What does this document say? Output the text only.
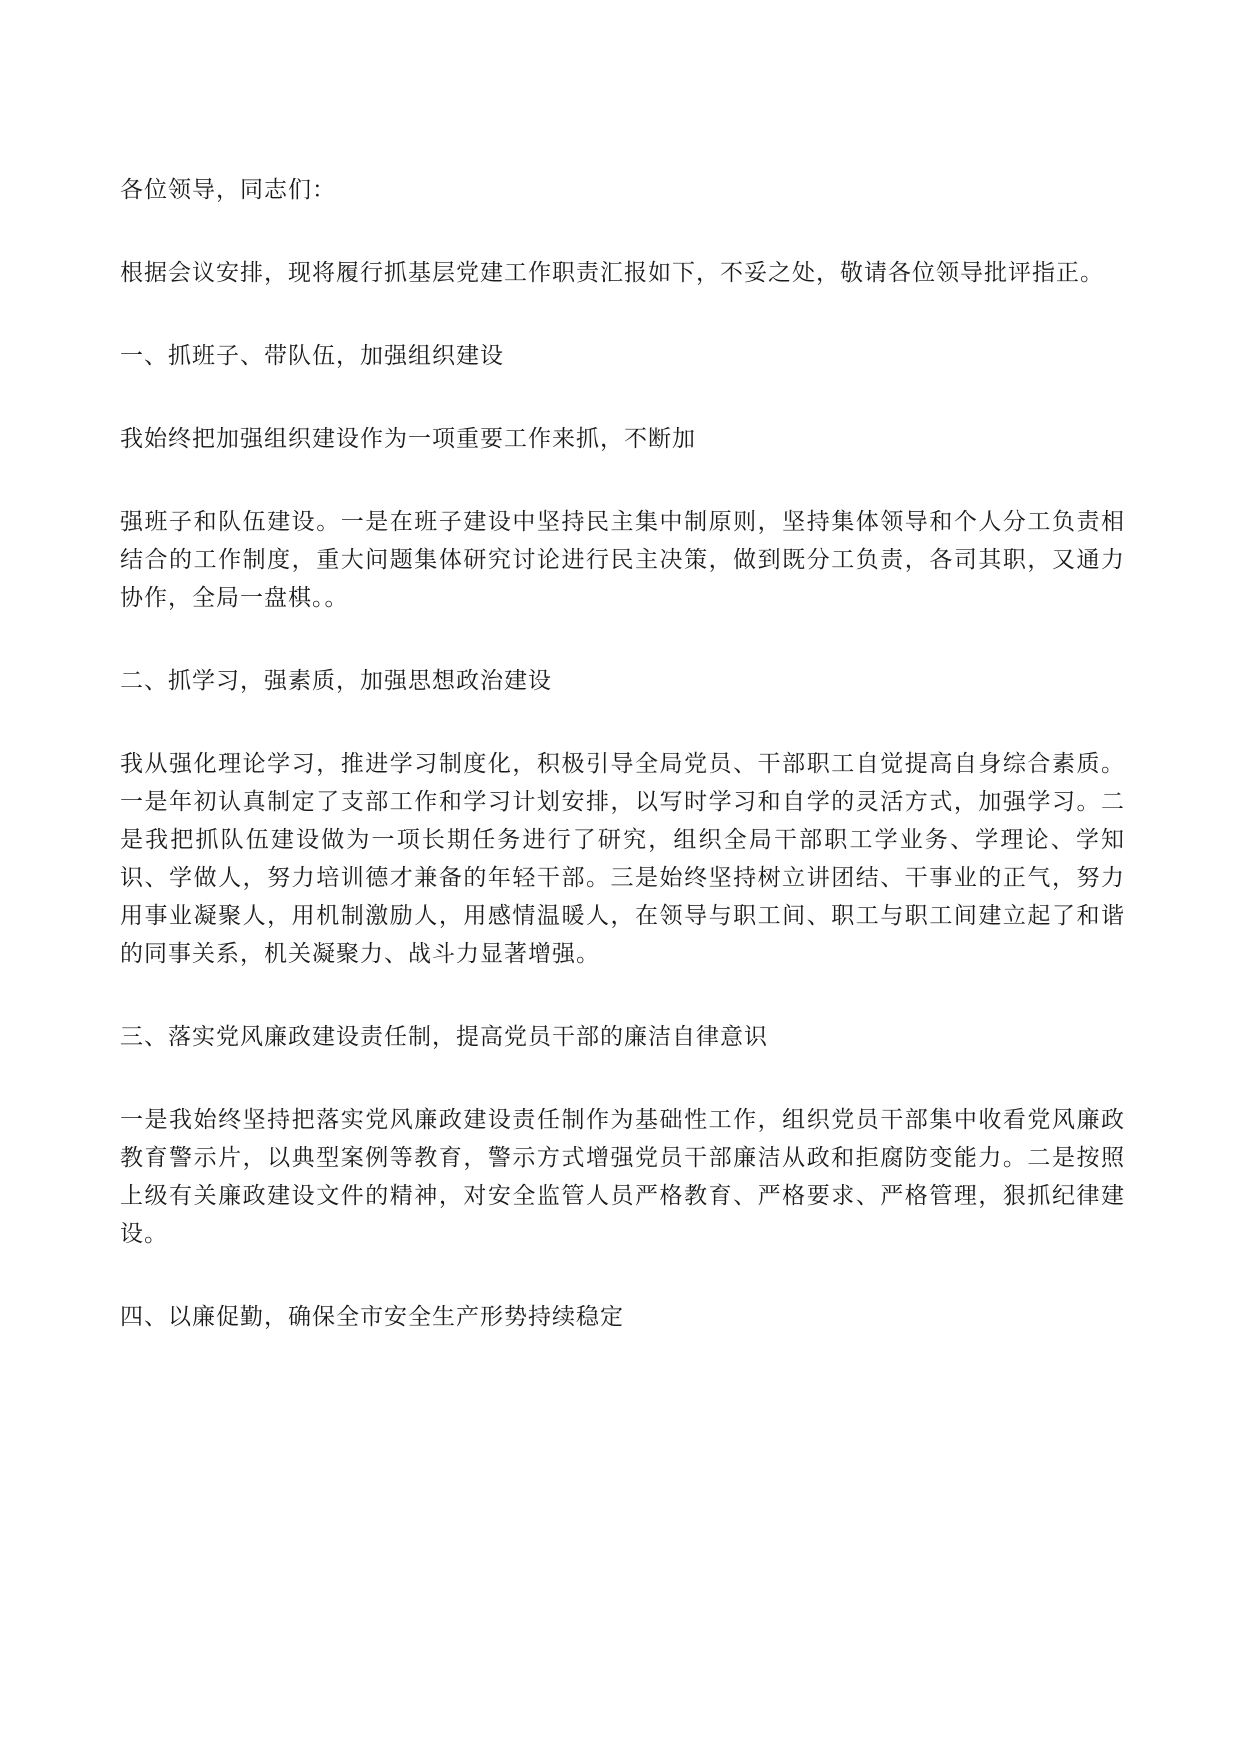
各位领导，同志们：

根据会议安排，现将履行抓基层党建工作职责汇报如下，不妥之处，敬请各位领导批评指正。

一、抓班子、带队伍，加强组织建设

我始终把加强组织建设作为一项重要工作来抓，不断加

强班子和队伍建设。一是在班子建设中坚持民主集中制原则，坚持集体领导和个人分工负责相结合的工作制度，重大问题集体研究讨论进行民主决策，做到既分工负责，各司其职，又通力协作，全局一盘棋。。

二、抓学习，强素质，加强思想政治建设

我从强化理论学习，推进学习制度化，积极引导全局党员、干部职工自觉提高自身综合素质。一是年初认真制定了支部工作和学习计划安排，以写时学习和自学的灵活方式，加强学习。二是我把抓队伍建设做为一项长期任务进行了研究，组织全局干部职工学业务、学理论、学知识、学做人，努力培训德才兼备的年轻干部。三是始终坚持树立讲团结、干事业的正气，努力用事业凝聚人，用机制激励人，用感情温暖人，在领导与职工间、职工与职工间建立起了和谐的同事关系，机关凝聚力、战斗力显著增强。

三、落实党风廉政建设责任制，提高党员干部的廉洁自律意识

一是我始终坚持把落实党风廉政建设责任制作为基础性工作，组织党员干部集中收看党风廉政教育警示片，以典型案例等教育，警示方式增强党员干部廉洁从政和拒腐防变能力。二是按照上级有关廉政建设文件的精神，对安全监管人员严格教育、严格要求、严格管理，狠抓纪律建设。

四、以廉促勤，确保全市安全生产形势持续稳定
